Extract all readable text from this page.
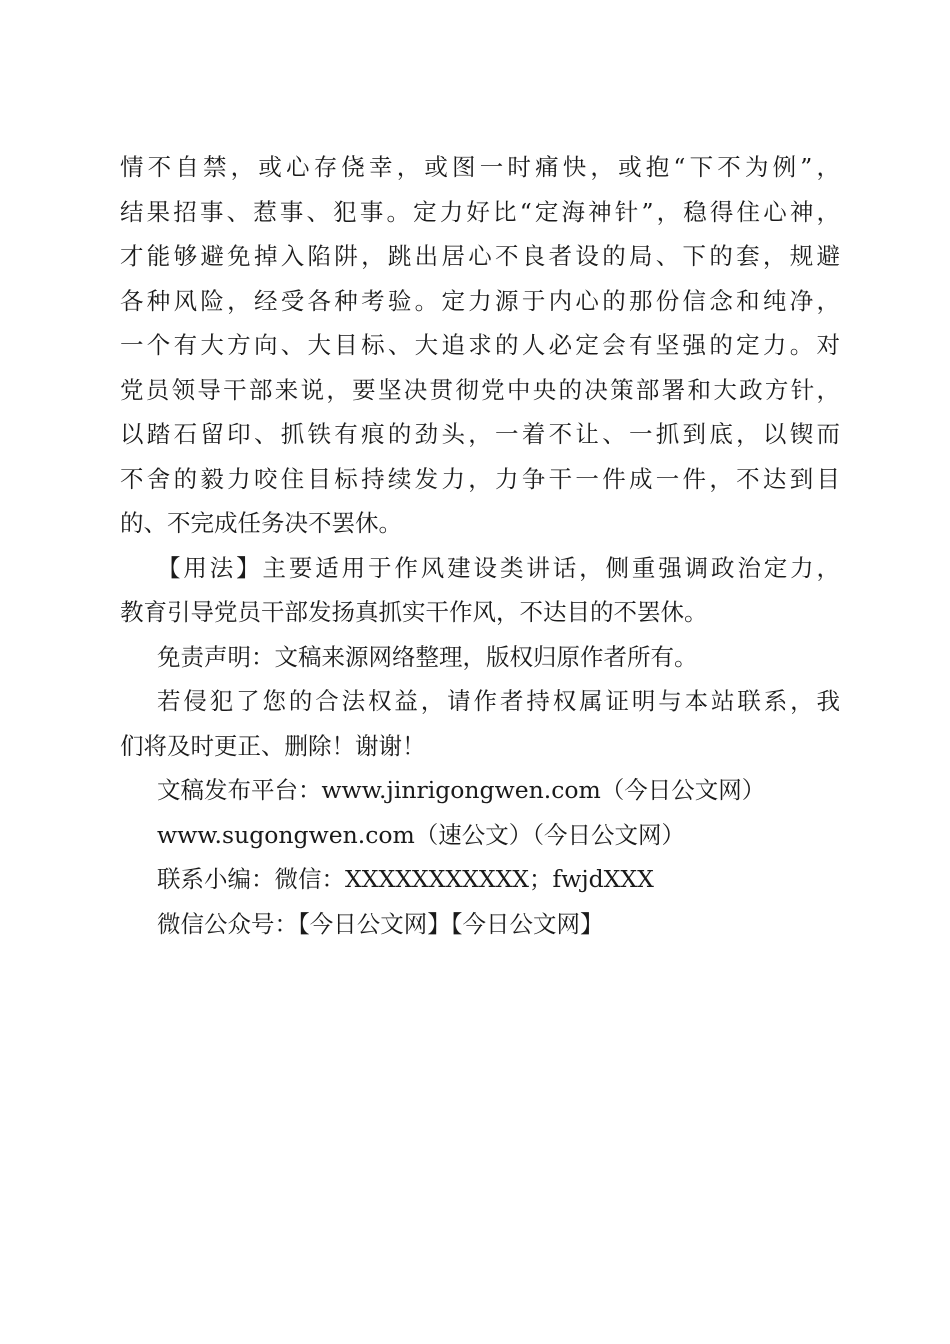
情不自禁，或心存侥幸，或图一时痛快，或抱“下不为例”，
结果招事、惹事、犯事。定力好比“定海神针”，稳得住心神，
才能够避免掉入陷阱，跳出居心不良者设的局、下的套，规避
各种风险，经受各种考验。定力源于内心的那份信念和纯净，
一个有大方向、大目标、大追求的人必定会有坚强的定力。对
党员领导干部来说，要坚决贯彻党中央的决策部署和大政方针，
以踏石留印、抓铁有痕的劲头，一着不让、一抓到底，以锲而
不舍的毅力咬住目标持续发力，力争干一件成一件，不达到目
的、不完成任务决不罢休。
【用法】主要适用于作风建设类讲话，侧重强调政治定力，
教育引导党员干部发扬真抓实干作风，不达目的不罢休。
免责声明：文稿来源网络整理，版权归原作者所有。
若侵犯了您的合法权益，请作者持权属证明与本站联系，我
们将及时更正、删除！谢谢！
文稿发布平台：www.jinrigongwen.com（今日公文网）
www.sugongwen.com（速公文）（今日公文网）
联系小编：微信：XXXXXXXXXXX；fwjdXXX
微信公众号：【今日公文网】【今日公文网】
